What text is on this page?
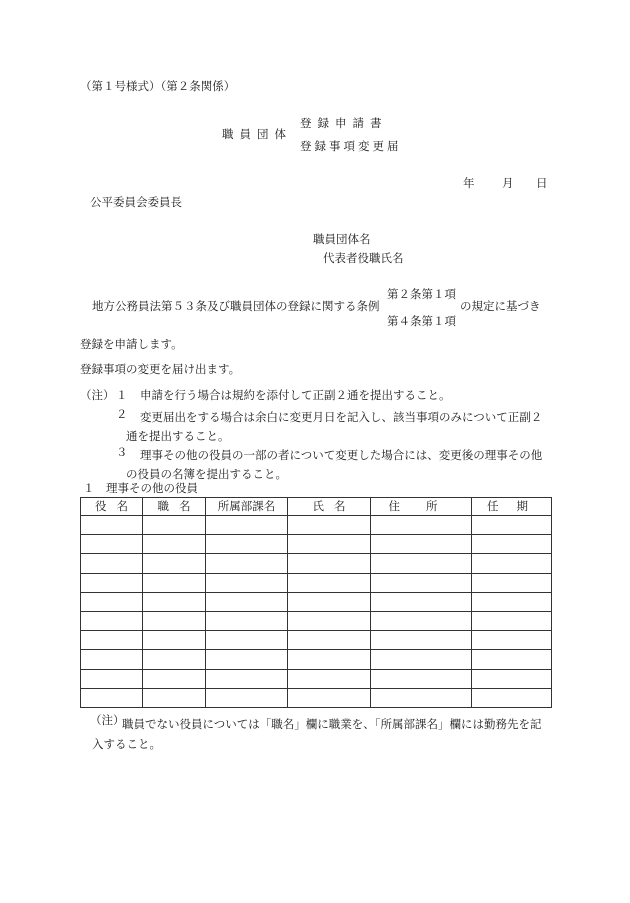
（第１号様式）（第２条関係）
職員団体
登録申請書
登録事項変更届
年 月 日
公平委員会委員長
職員団体名
代表者役職氏名
地方公務員法第５３条及び職員団体の登録に関する条例
第２条第１項
第４条第１項
の規定に基づき
登録を申請します。
登録事項の変更を届け出ます。
（注） １ 申請を行う場合は規約を添付して正副２通を提出すること。
２	変更届出をする場合は余白に変更月日を記入し、該当事項のみについて正副２通を提出すること。
３	理事その他の役員の一部の者について変更した場合には、変更後の理事その他の役員の名簿を提出すること。
１　理事その他の役員
役名	職名	所属部課名	氏名	住所	任期

（注）
職員でない役員については「職名」欄に職業を、「所属部課名」欄には勤務先を記入すること。
